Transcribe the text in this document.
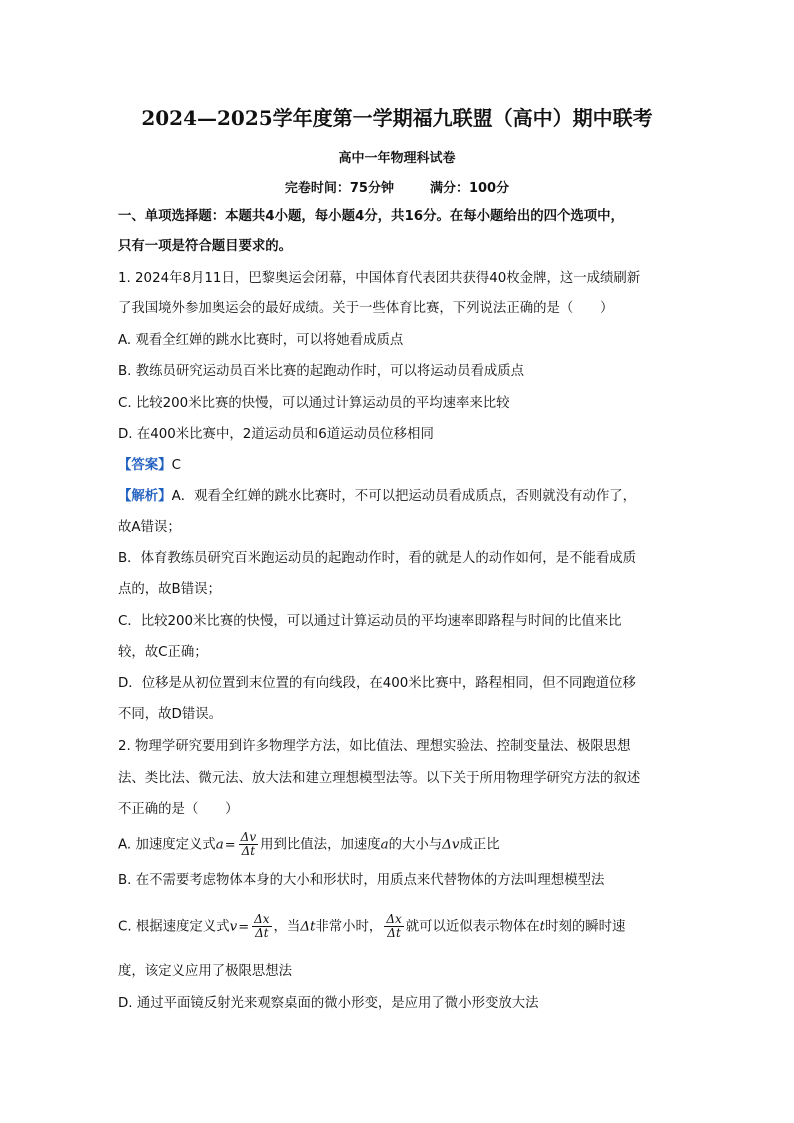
2024—2025学年度第一学期福九联盟（高中）期中联考
高中一年物理科试卷
完卷时间：75分钟	满分：100分
一、单项选择题：本题共4小题，每小题4分，共16分。在每小题给出的四个选项中，
只有一项是符合题目要求的。
1. 2024年8月11日，巴黎奥运会闭幕，中国体育代表团共获得40枚金牌，这一成绩刷新
了我国境外参加奥运会的最好成绩。关于一些体育比赛，下列说法正确的是（　　）
A. 观看全红婵的跳水比赛时，可以将她看成质点
B. 教练员研究运动员百米比赛的起跑动作时，可以将运动员看成质点
C. 比较200米比赛的快慢，可以通过计算运动员的平均速率来比较
D. 在400米比赛中，2道运动员和6道运动员位移相同
【答案】C
【解析】A．观看全红婵的跳水比赛时，不可以把运动员看成质点，否则就没有动作了，
故A错误；
B．体育教练员研究百米跑运动员的起跑动作时，看的就是人的动作如何，是不能看成质
点的，故B错误；
C．比较200米比赛的快慢，可以通过计算运动员的平均速率即路程与时间的比值来比
较，故C正确；
D．位移是从初位置到末位置的有向线段，在400米比赛中，路程相同，但不同跑道位移
不同，故D错误。
2. 物理学研究要用到许多物理学方法，如比值法、理想实验法、控制变量法、极限思想
法、类比法、微元法、放大法和建立理想模型法等。以下关于所用物理学研究方法的叙述
不正确的是（　　）
A. 加速度定义式$a= \frac{\Delta v}{\Delta t}$ 用到比值法，加速度a的大小与Δv成正比
B. 在不需要考虑物体本身的大小和形状时，用质点来代替物体的方法叫理想模型法
C. 根据速度定义式$v= \frac{\Delta x}{\Delta t}$ ，当Δt非常小时， $\frac{\Delta x}{\Delta t}$ 就可以近似表示物体在t时刻的瞬时速
度，该定义应用了极限思想法
D. 通过平面镜反射光来观察桌面的微小形变，是应用了微小形变放大法
